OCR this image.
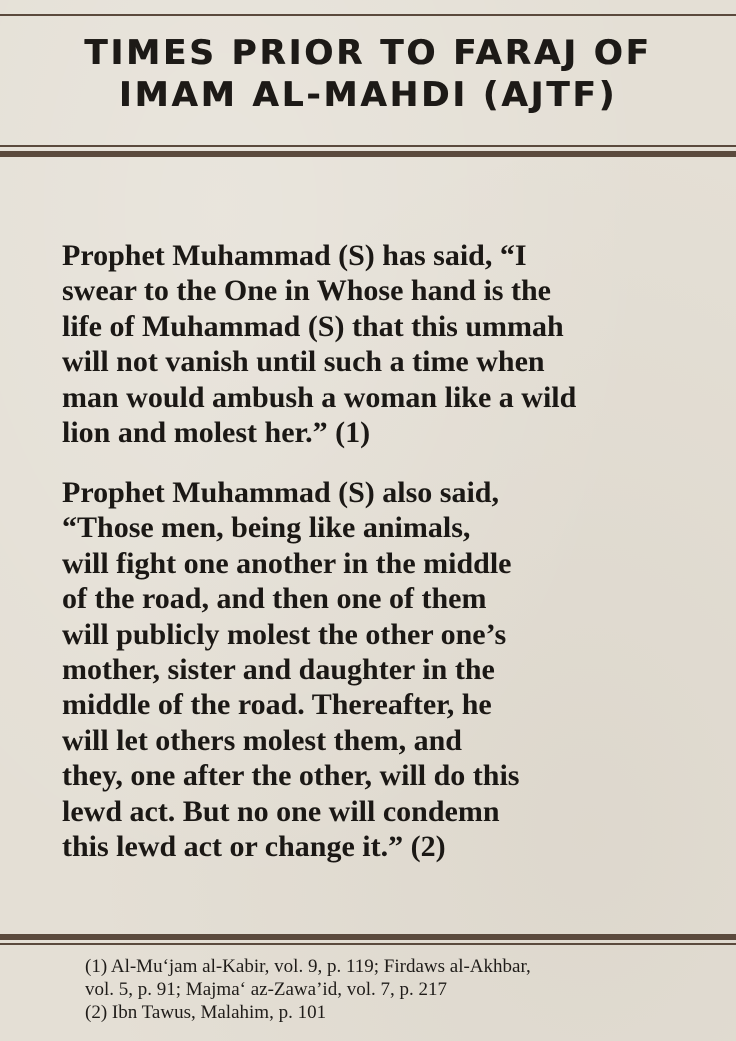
TIMES PRIOR TO FARAJ OF
IMAM AL-MAHDI (AJTF)
Prophet Muhammad (S) has said, “I
swear to the One in Whose hand is the
life of Muhammad (S) that this ummah
will not vanish until such a time when
man would ambush a woman like a wild
lion and molest her.” (1)
Prophet Muhammad (S) also said,
“Those men, being like animals,
will fight one another in the middle
of the road, and then one of them
will publicly molest the other one’s
mother, sister and daughter in the
middle of the road. Thereafter, he
will let others molest them, and
they, one after the other, will do this
lewd act. But no one will condemn
this lewd act or change it.” (2)
(1) Al-Mu‘jam al-Kabir, vol. 9, p. 119; Firdaws al-Akhbar,
vol. 5, p. 91; Majma‘ az-Zawa’id, vol. 7, p. 217
(2) Ibn Tawus, Malahim, p. 101
